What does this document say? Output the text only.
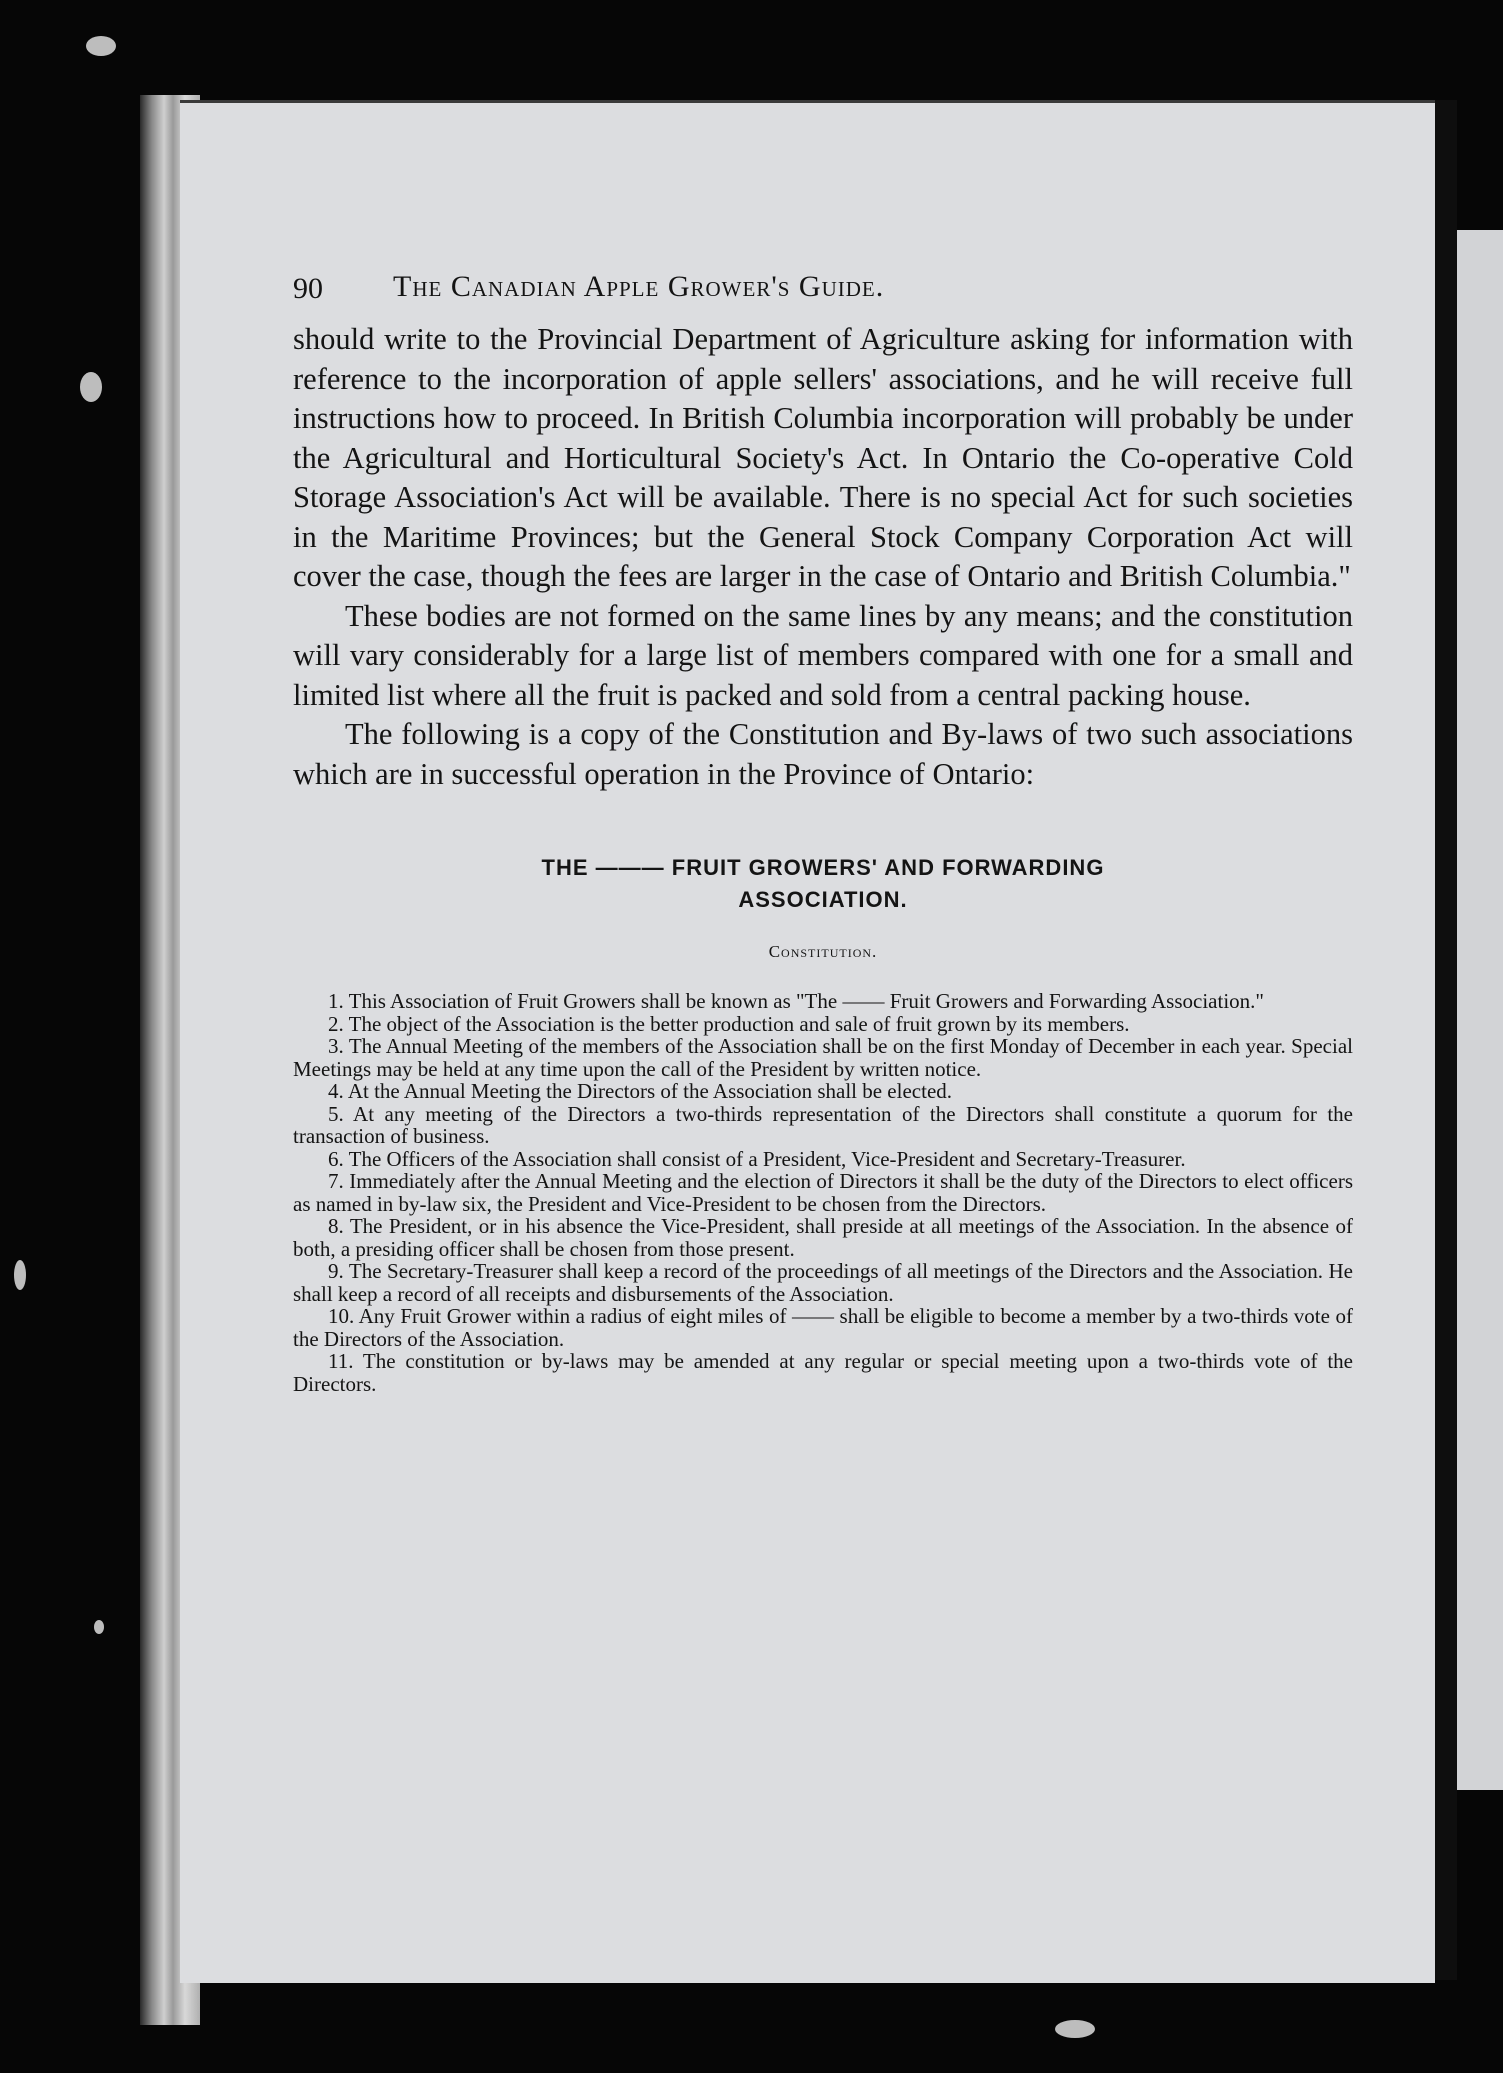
90 The Canadian Apple Grower's Guide.

should write to the Provincial Department of Agriculture asking for information with reference to the incorporation of apple sellers' associations, and he will receive full instructions how to proceed. In British Columbia incorporation will probably be under the Agricultural and Horticultural Society's Act. In Ontario the Co-operative Cold Storage Association's Act will be available. There is no special Act for such societies in the Maritime Provinces; but the General Stock Company Corporation Act will cover the case, though the fees are larger in the case of Ontario and British Columbia."

These bodies are not formed on the same lines by any means; and the constitution will vary considerably for a large list of members compared with one for a small and limited list where all the fruit is packed and sold from a central packing house.

The following is a copy of the Constitution and By-laws of two such associations which are in successful operation in the Province of Ontario:

THE ——— FRUIT GROWERS' AND FORWARDING
ASSOCIATION.
Constitution.

1. This Association of Fruit Growers shall be known as "The —— Fruit Growers and Forwarding Association."

2. The object of the Association is the better production and sale of fruit grown by its members.

3. The Annual Meeting of the members of the Association shall be on the first Monday of December in each year. Special Meetings may be held at any time upon the call of the President by written notice.

4. At the Annual Meeting the Directors of the Association shall be elected.

5. At any meeting of the Directors a two-thirds representation of the Directors shall constitute a quorum for the transaction of business.

6. The Officers of the Association shall consist of a President, Vice-President and Secretary-Treasurer.

7. Immediately after the Annual Meeting and the election of Directors it shall be the duty of the Directors to elect officers as named in by-law six, the President and Vice-President to be chosen from the Directors.

8. The President, or in his absence the Vice-President, shall preside at all meetings of the Association. In the absence of both, a presiding officer shall be chosen from those present.

9. The Secretary-Treasurer shall keep a record of the proceedings of all meetings of the Directors and the Association. He shall keep a record of all receipts and disbursements of the Association.

10. Any Fruit Grower within a radius of eight miles of —— shall be eligible to become a member by a two-thirds vote of the Directors of the Association.

11. The constitution or by-laws may be amended at any regular or special meeting upon a two-thirds vote of the Directors.
